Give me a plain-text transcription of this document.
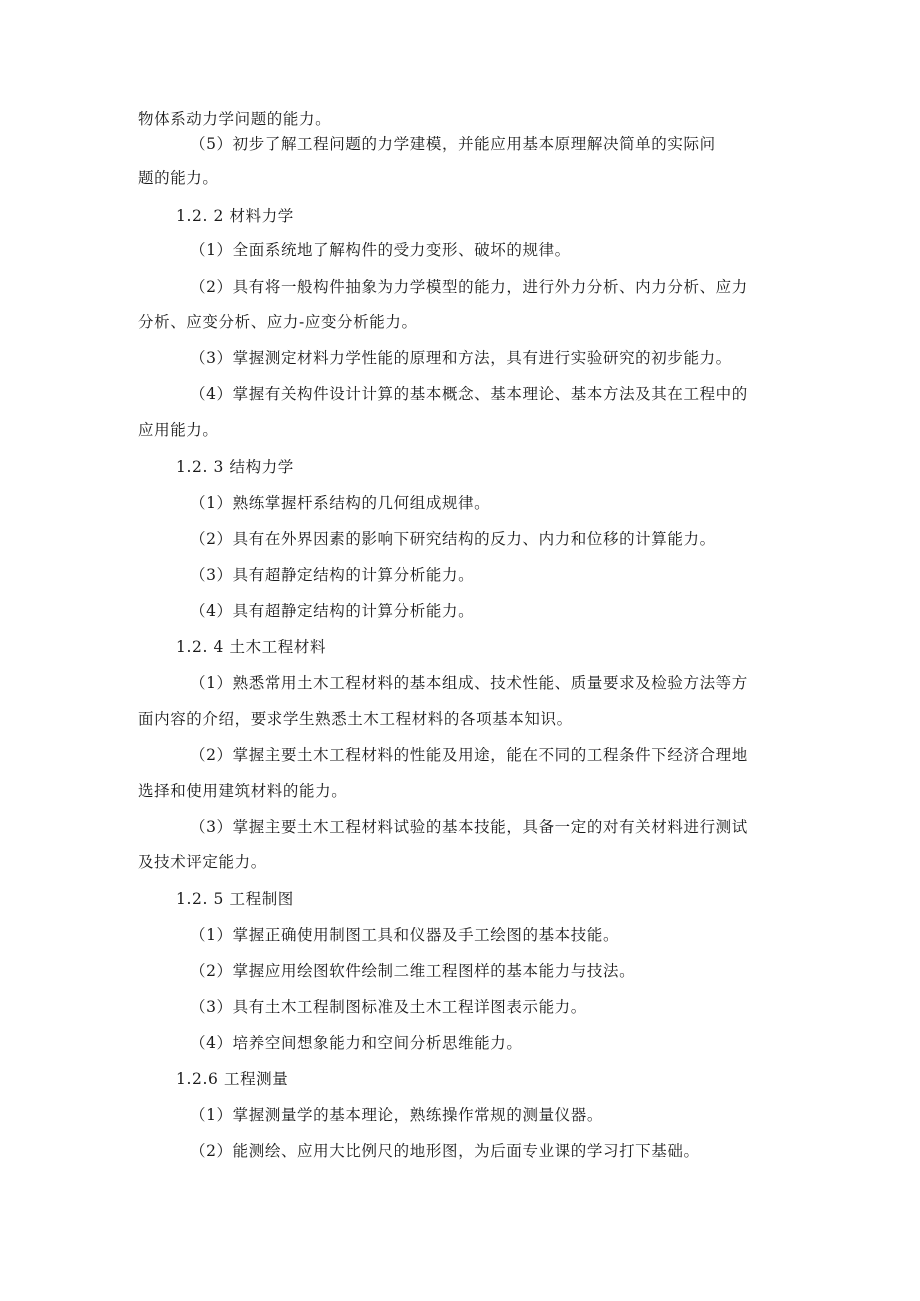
物体系动力学问题的能力。

（5）初步了解工程问题的力学建模，并能应用基本原理解决简单的实际问

题的能力。

1.2. 2 材料力学

（1）全面系统地了解构件的受力变形、破坏的规律。

（2）具有将一般构件抽象为力学模型的能力，进行外力分析、内力分析、应力

分析、应变分析、应力-应变分析能力。

（3）掌握测定材料力学性能的原理和方法，具有进行实验研究的初步能力。

（4）掌握有关构件设计计算的基本概念、基本理论、基本方法及其在工程中的

应用能力。

1.2. 3 结构力学

（1）熟练掌握杆系结构的几何组成规律。

（2）具有在外界因素的影响下研究结构的反力、内力和位移的计算能力。

（3）具有超静定结构的计算分析能力。

（4）具有超静定结构的计算分析能力。

1.2. 4 土木工程材料

（1）熟悉常用土木工程材料的基本组成、技术性能、质量要求及检验方法等方

面内容的介绍，要求学生熟悉土木工程材料的各项基本知识。

（2）掌握主要土木工程材料的性能及用途，能在不同的工程条件下经济合理地

选择和使用建筑材料的能力。

（3）掌握主要土木工程材料试验的基本技能，具备一定的对有关材料进行测试

及技术评定能力。

1.2. 5 工程制图

（1）掌握正确使用制图工具和仪器及手工绘图的基本技能。

（2）掌握应用绘图软件绘制二维工程图样的基本能力与技法。

（3）具有土木工程制图标准及土木工程详图表示能力。

（4）培养空间想象能力和空间分析思维能力。

1.2.6 工程测量

（1）掌握测量学的基本理论，熟练操作常规的测量仪器。

（2）能测绘、应用大比例尺的地形图，为后面专业课的学习打下基础。
